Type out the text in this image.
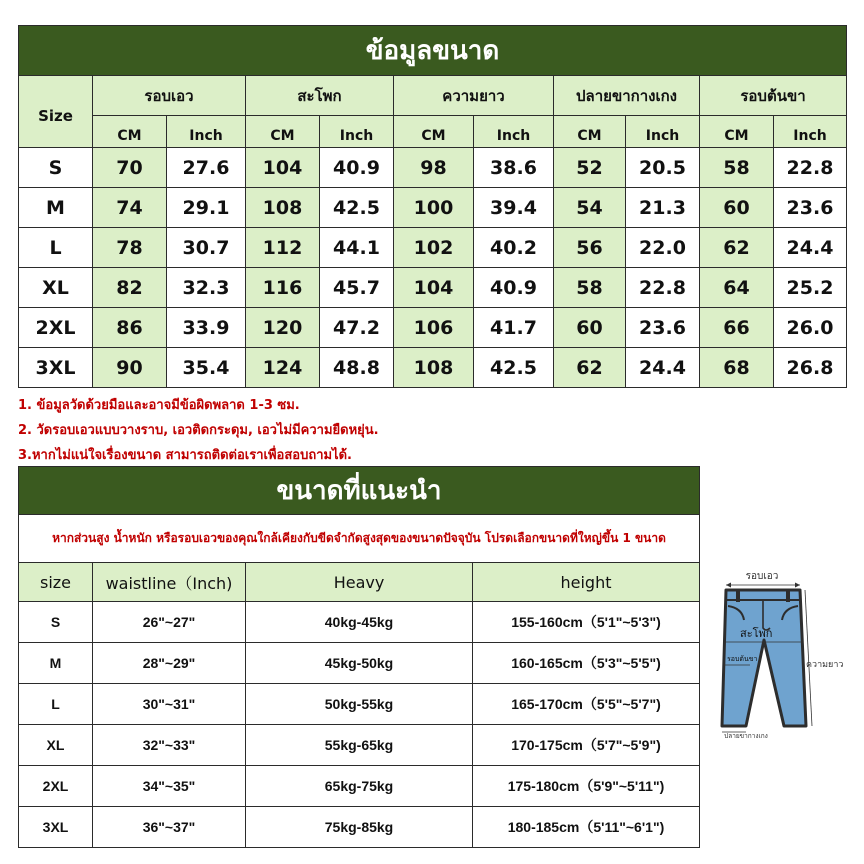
ข้อมูลขนาด
Size
รอบเอว
CM	Inch
สะโพก
CM	Inch
ความยาว
CM	Inch
ปลายขากางเกง
CM	Inch
รอบต้นขา
CM	Inch
S	70	27.6	104	40.9	98	38.6	52	20.5	58	22.8
M	74	29.1	108	42.5	100	39.4	54	21.3	60	23.6
L	78	30.7	112	44.1	102	40.2	56	22.0	62	24.4
XL	82	32.3	116	45.7	104	40.9	58	22.8	64	25.2
2XL	86	33.9	120	47.2	106	41.7	60	23.6	66	26.0
3XL	90	35.4	124	48.8	108	42.5	62	24.4	68	26.8
1. ข้อมูลวัดด้วยมือและอาจมีข้อผิดพลาด 1-3 ซม.
2. วัดรอบเอวแบบวางราบ, เอวติดกระดุม, เอวไม่มีความยืดหยุ่น.
3.หากไม่แน่ใจเรื่องขนาด สามารถติดต่อเราเพื่อสอบถามได้.
ขนาดที่แนะนำ
หากส่วนสูง น้ำหนัก หรือรอบเอวของคุณใกล้เคียงกับขีดจำกัดสูงสุดของขนาดปัจจุบัน โปรดเลือกขนาดที่ใหญ่ขึ้น 1 ขนาด
size	waistline（Inch)	Heavy	height
S	26"~27"	40kg-45kg	155-160cm（5'1"~5'3")
M	28"~29"	45kg-50kg	160-165cm（5'3"~5'5")
L	30"~31"	50kg-55kg	165-170cm（5'5"~5'7")
XL	32"~33"	55kg-65kg	170-175cm（5'7"~5'9")
2XL	34"~35"	65kg-75kg	175-180cm（5'9"~5'11")
3XL	36"~37"	75kg-85kg	180-185cm（5'11"~6'1")
รอบเอว
สะโพก
รอบต้นขา
ความยาว
ปลายขากางเกง
